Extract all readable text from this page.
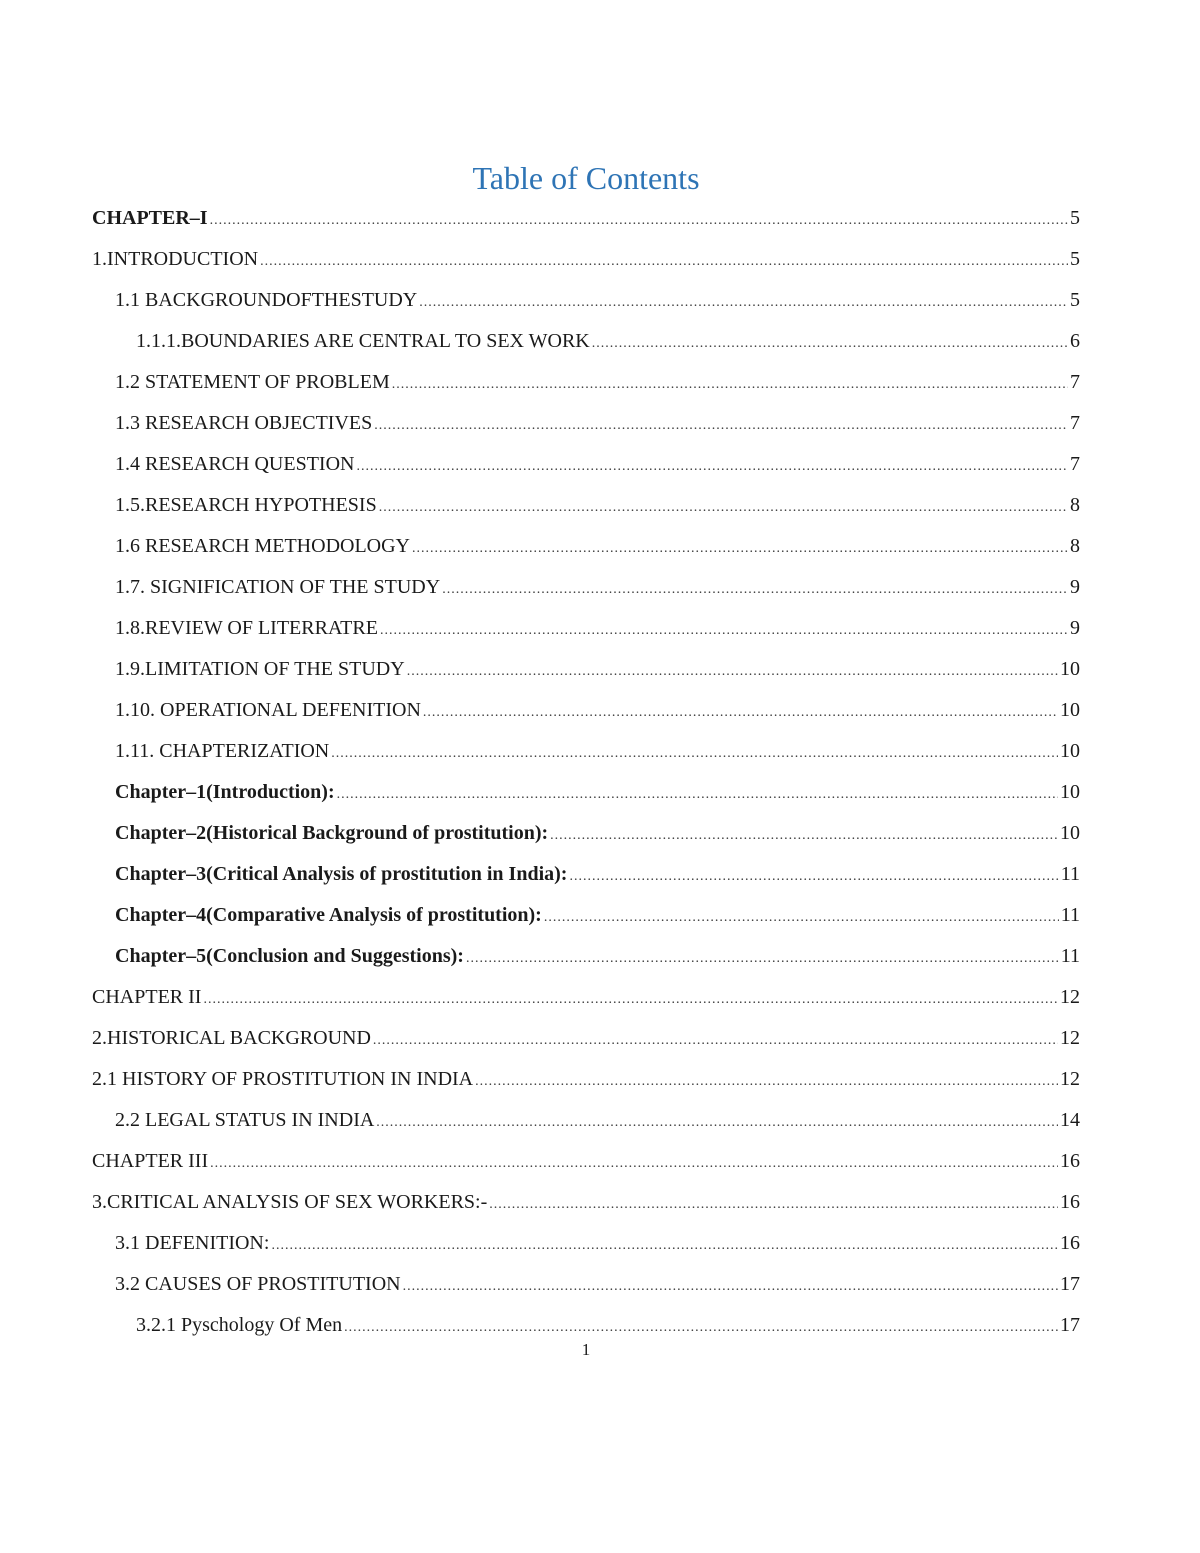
Table of Contents
CHAPTER–I .....	5
1.INTRODUCTION .....	5
1.1 BACKGROUNDOFTHESTUDY .....	5
1.1.1.BOUNDARIES ARE CENTRAL TO SEX WORK .....	6
1.2 STATEMENT OF PROBLEM .....	7
1.3 RESEARCH OBJECTIVES .....	7
1.4 RESEARCH QUESTION .....	7
1.5.RESEARCH HYPOTHESIS .....	8
1.6 RESEARCH METHODOLOGY .....	8
1.7. SIGNIFICATION OF THE STUDY .....	9
1.8.REVIEW OF LITERRATRE .....	9
1.9.LIMITATION OF THE STUDY .....	10
1.10. OPERATIONAL DEFENITION .....	10
1.11. CHAPTERIZATION .....	10
Chapter–1(Introduction): .....	10
Chapter–2(Historical Background of prostitution): .....	10
Chapter–3(Critical Analysis of prostitution in India): .....	11
Chapter–4(Comparative Analysis of prostitution): .....	11
Chapter–5(Conclusion and Suggestions): .....	11
CHAPTER II .....	12
2.HISTORICAL BACKGROUND .....	12
2.1 HISTORY OF PROSTITUTION IN INDIA .....	12
2.2 LEGAL STATUS IN INDIA .....	14
CHAPTER III .....	16
3.CRITICAL ANALYSIS OF SEX WORKERS:- .....	16
3.1 DEFENITION: .....	16
3.2 CAUSES OF PROSTITUTION .....	17
3.2.1 Pyschology Of Men .....	17
1
